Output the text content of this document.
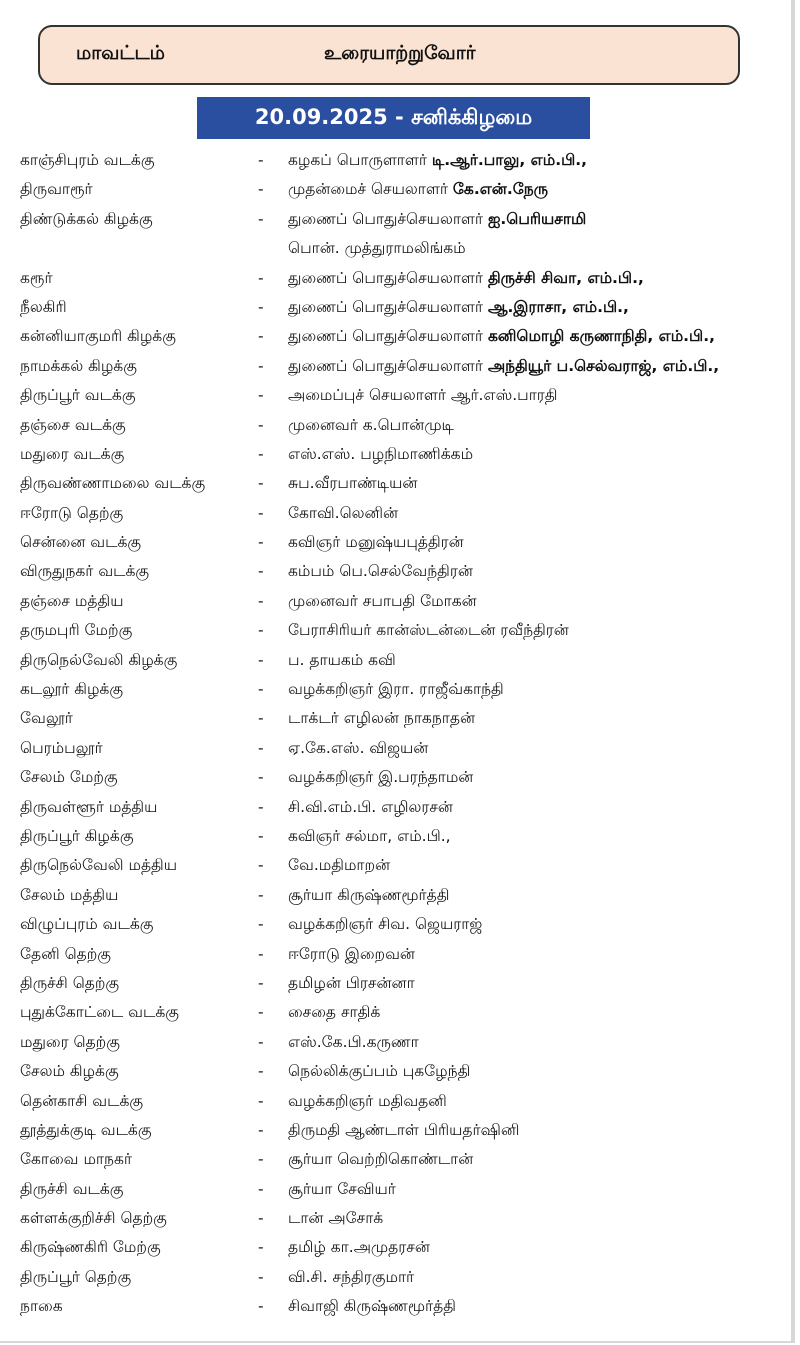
மாவட்டம்	உரையாற்றுவோர்
20.09.2025 - சனிக்கிழமை
காஞ்சிபுரம் வடக்கு	- கழகப் பொருளாளர் டி.ஆர்.பாலு, எம்.பி.,
திருவாரூர்	- முதன்மைச் செயலாளர் கே.என்.நேரு
திண்டுக்கல் கிழக்கு	- துணைப் பொதுச்செயலாளர் ஐ.பெரியசாமி
பொன். முத்துராமலிங்கம்
கரூர்	- துணைப் பொதுச்செயலாளர் திருச்சி சிவா, எம்.பி.,
நீலகிரி	- துணைப் பொதுச்செயலாளர் ஆ.இராசா, எம்.பி.,
கன்னியாகுமரி கிழக்கு	- துணைப் பொதுச்செயலாளர் கனிமொழி கருணாநிதி, எம்.பி.,
நாமக்கல் கிழக்கு	- துணைப் பொதுச்செயலாளர் அந்தியூர் ப.செல்வராஜ், எம்.பி.,
திருப்பூர் வடக்கு	- அமைப்புச் செயலாளர் ஆர்.எஸ்.பாரதி
தஞ்சை வடக்கு	- முனைவர் க.பொன்முடி
மதுரை வடக்கு	- எஸ்.எஸ். பழநிமாணிக்கம்
திருவண்ணாமலை வடக்கு	- சுப.வீரபாண்டியன்
ஈரோடு தெற்கு	- கோவி.லெனின்
சென்னை வடக்கு	- கவிஞர் மனுஷ்யபுத்திரன்
விருதுநகர் வடக்கு	- கம்பம் பெ.செல்வேந்திரன்
தஞ்சை மத்திய	- முனைவர் சபாபதி மோகன்
தருமபுரி மேற்கு	- பேராசிரியர் கான்ஸ்டன்டைன் ரவீந்திரன்
திருநெல்வேலி கிழக்கு	- ப. தாயகம் கவி
கடலூர் கிழக்கு	- வழக்கறிஞர் இரா. ராஜீவ்காந்தி
வேலூர்	- டாக்டர் எழிலன் நாகநாதன்
பெரம்பலூர்	- ஏ.கே.எஸ். விஜயன்
சேலம் மேற்கு	- வழக்கறிஞர் இ.பரந்தாமன்
திருவள்ளூர் மத்திய	- சி.வி.எம்.பி. எழிலரசன்
திருப்பூர் கிழக்கு	- கவிஞர் சல்மா, எம்.பி.,
திருநெல்வேலி மத்திய	- வே.மதிமாறன்
சேலம் மத்திய	- சூர்யா கிருஷ்ணமூர்த்தி
விழுப்புரம் வடக்கு	- வழக்கறிஞர் சிவ. ஜெயராஜ்
தேனி தெற்கு	- ஈரோடு இறைவன்
திருச்சி தெற்கு	- தமிழன் பிரசன்னா
புதுக்கோட்டை வடக்கு	- சைதை சாதிக்
மதுரை தெற்கு	- எஸ்.கே.பி.கருணா
சேலம் கிழக்கு	- நெல்லிக்குப்பம் புகழேந்தி
தென்காசி வடக்கு	- வழக்கறிஞர் மதிவதனி
தூத்துக்குடி வடக்கு	- திருமதி ஆண்டாள் பிரியதர்ஷினி
கோவை மாநகர்	- சூர்யா வெற்றிகொண்டான்
திருச்சி வடக்கு	- சூர்யா சேவியர்
கள்ளக்குறிச்சி தெற்கு	- டான் அசோக்
கிருஷ்ணகிரி மேற்கு	- தமிழ் கா.அமுதரசன்
திருப்பூர் தெற்கு	- வி.சி. சந்திரகுமார்
நாகை	- சிவாஜி கிருஷ்ணமூர்த்தி
